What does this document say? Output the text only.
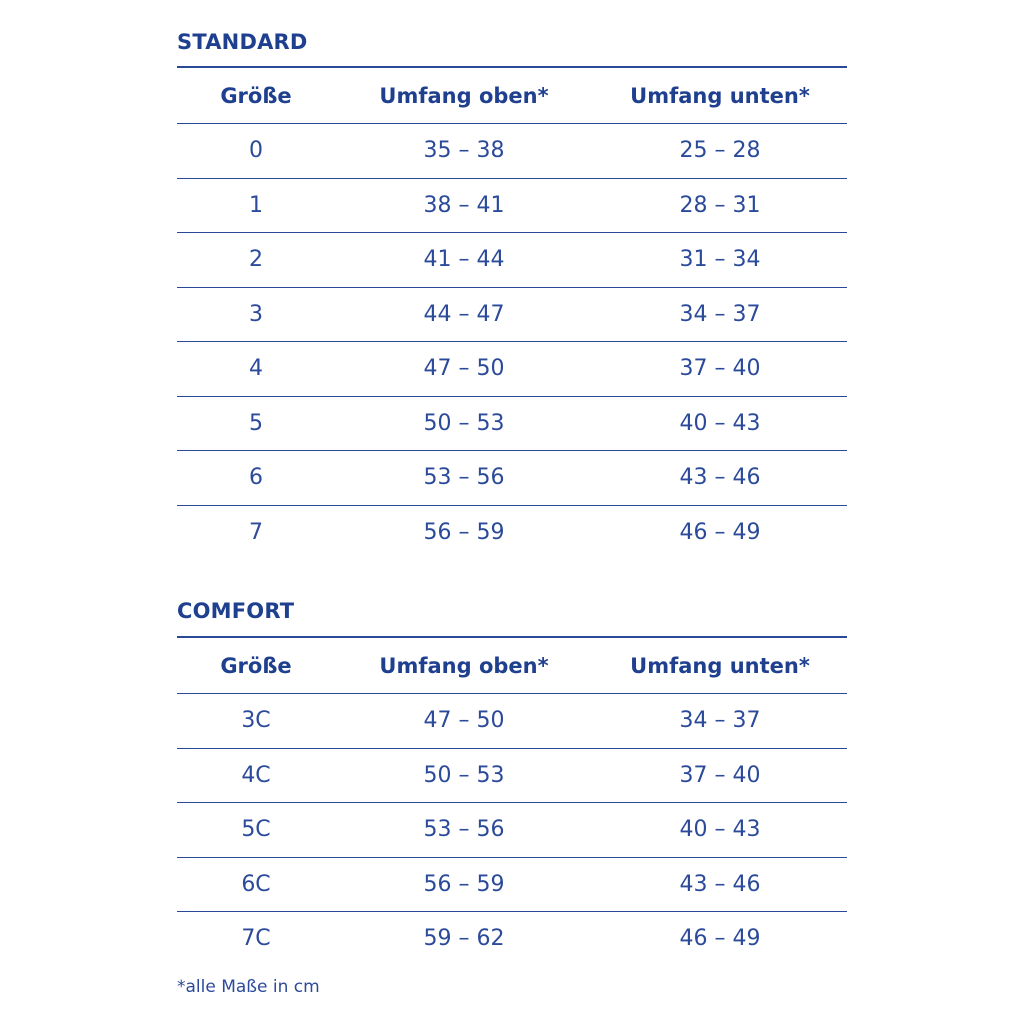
STANDARD
Größe	Umfang oben*	Umfang unten*
0	35 – 38	25 – 28
1	38 – 41	28 – 31
2	41 – 44	31 – 34
3	44 – 47	34 – 37
4	47 – 50	37 – 40
5	50 – 53	40 – 43
6	53 – 56	43 – 46
7	56 – 59	46 – 49
COMFORT
Größe	Umfang oben*	Umfang unten*
3C	47 – 50	34 – 37
4C	50 – 53	37 – 40
5C	53 – 56	40 – 43
6C	56 – 59	43 – 46
7C	59 – 62	46 – 49
*alle Maße in cm
